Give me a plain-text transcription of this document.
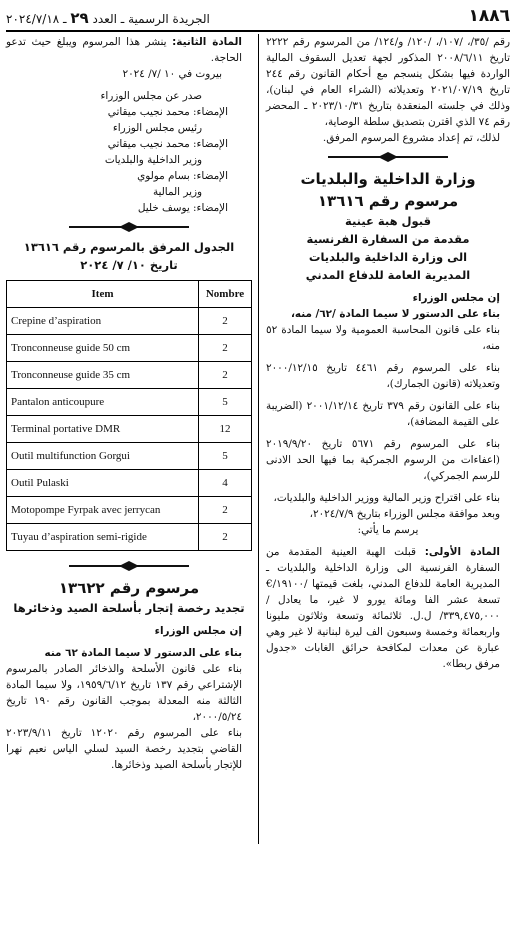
١٨٨٦
الجريدة الرسمية ـ العدد ٢٩ ـ ٢٠٢٤/٧/١٨

رقم /٣٥/، /١٠٧/، /١٢٠/ و/١٢٤/ من المرسوم رقم ٢٢٢٢ تاريخ ٢٠٠٨/٦/١١ المذكور لجهة تعديل السقوف المالية الواردة فيها بشكل ينسجم مع أحكام القانون رقم ٢٤٤ تاريخ ٢٠٢١/٠٧/١٩ وتعديلاته (الشراء العام في لبنان)، وذلك في جلسته المنعقدة بتاريخ ٢٠٢٣/١٠/٣١ ـ المحضر رقم ٧٤ الذي اقترن بتصديق سلطة الوصاية،

لذلك، تم إعداد مشروع المرسوم المرفق.

وزارة الداخلية والبلديات

مرسوم رقم ١٣٦١٦

قبول هبة عينية
مقدمة من السفارة الفرنسية
الى وزارة الداخلية والبلديات
المديرية العامة للدفاع المدني

إن مجلس الوزراء

بناء على الدستور لا سيما المادة /٦٢/ منه،

بناء على قانون المحاسبة العمومية ولا سيما المادة ٥٢ منه،

بناء على المرسوم رقم ٤٤٦١ تاريخ ٢٠٠٠/١٢/١٥ وتعديلاته (قانون الجمارك)،

بناء على القانون رقم ٣٧٩ تاريخ ٢٠٠١/١٢/١٤ (الضريبة على القيمة المضافة)،

بناء على المرسوم رقم ٥٦٧١ تاريخ ٢٠١٩/٩/٢٠ (اعفاءات من الرسوم الجمركية بما فيها الحد الادنى للرسم الجمركي)،

بناء على اقتراح وزير المالية ووزير الداخلية والبلديات،

وبعد موافقة مجلس الوزراء بتاريخ ٢٠٢٤/٧/٩،

يرسم ما يأتي:

المادة الأولى: قبلت الهبة العينية المقدمة من السفارة الفرنسية الى وزارة الداخلية والبلديات ـ المديرية العامة للدفاع المدني، بلغت قيمتها /١٩١٠٠/€ تسعة عشر الفا ومائة يورو لا غير، ما يعادل /٣٣٩,٤٧٥,٠٠٠/ ل.ل. ثلاثمائة وتسعة وثلاثون مليونا واربعمائة وخمسة وسبعون الف ليرة لبنانية لا غير وهي عبارة عن معدات لمكافحة حرائق الغابات «جدول مرفق ربطا».

المادة الثانية: ينشر هذا المرسوم ويبلغ حيث تدعو الحاجة.

بيروت في ١٠ /٧/ ٢٠٢٤

صدر عن مجلس الوزراء

الإمضاء: محمد نجيب ميقاتي

رئيس مجلس الوزراء

الإمضاء: محمد نجيب ميقاتي

وزير الداخلية والبلديات

الإمضاء: بسام مولوي

وزير المالية

الإمضاء: يوسف خليل

الجدول المرفق بالمرسوم رقم ١٣٦١٦

تاريخ ١٠/ ٧/ ٢٠٢٤

Item	Nombre
Crepine d’aspiration	2
Tronconneuse guide 50 cm	2
Tronconneuse guide 35 cm	2
Pantalon anticoupure	5
Terminal portative DMR	12
Outil multifunction Gorgui	5
Outil Pulaski	4
Motopompe Fyrpak avec jerrycan	2
Tuyau d’aspiration semi-rigide	2

مرسوم رقم ١٣٦٢٢

تجديد رخصة إتجار بأسلحة الصيد وذخائرها

إن مجلس الوزراء

بناء على الدستور لا سيما المادة ٦٢ منه

بناء على قانون الأسلحة والذخائر الصادر بالمرسوم الإشتراعي رقم ١٣٧ تاريخ ١٩٥٩/٦/١٢، ولا سيما المادة الثالثة منه المعدلة بموجب القانون رقم ١٩٠ تاريخ ٢٠٠٠/٥/٢٤،

بناء على المرسوم رقم ١٢٠٢٠ تاريخ ٢٠٢٣/٩/١١ القاضي بتجديد رخصة السيد لسلي الياس نعيم نهرا للإتجار بأسلحة الصيد وذخائرها.
